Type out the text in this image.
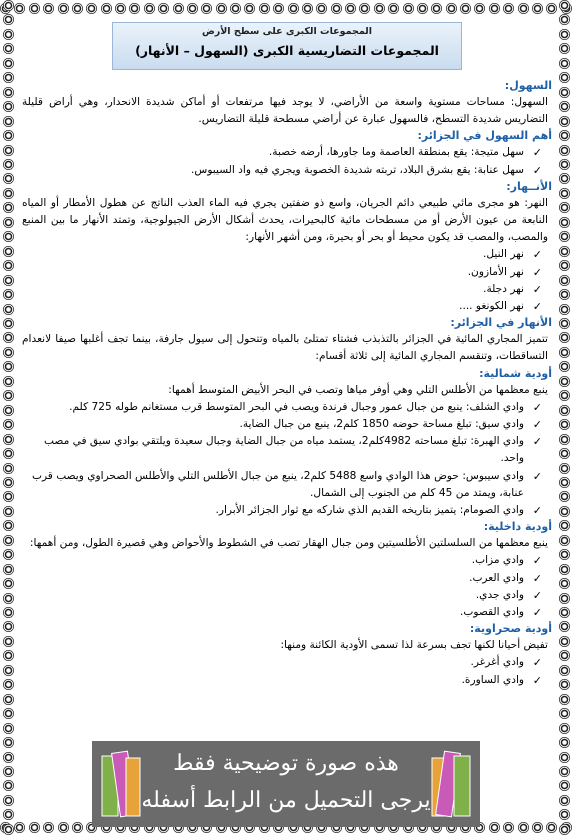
المجموعات الكبرى على سطح الأرض
المجموعات التضاريسية الكبرى (السهول – الأنهار)
السهول:

السهول: مساحات مستوية واسعة من الأراضي، لا يوجد فيها مرتفعات أو أماكن شديدة الانحدار، وهي أراض قليلة التضاريس شديدة التسطح، فالسهول عبارة عن أراضي مسطحة قليلة التضاريس.

أهم السهول في الجزائر:
✓
سهل متيجة: يقع بمنطقة العاصمة وما جاورها، أرضه خصبة.
✓
سهل عنابة: يقع بشرق البلاد، تربته شديدة الخصوبة ويجري فيه واد السيبوس.
الأنــهار:

النهر: هو مجرى مائي طبيعي دائم الجريان، واسع ذو ضفتين يجري فيه الماء العذب الناتج عن هطول الأمطار أو المياه النابعة من عيون الأرض أو من مسطحات مائية كالبحيرات، يحدث أشكال الأرض الجيولوجية، وتمتد الأنهار ما بين المنبع والمصب، والمصب قد يكون محيط أو بحر أو بحيرة، ومن أشهر الأنهار:

✓
نهر النيل.
✓
نهر الأمازون.
✓
نهر دجلة.
✓
نهر الكونغو ....
الأنهار في الجزائر:

تتميز المجاري المائية في الجزائر بالتذبذب فشتاء تمتلئ بالمياه وتتحول إلى سيول جارفة، بينما تجف أغلبها صيفا لانعدام التساقطات، وتنقسم المجاري المائية إلى ثلاثة أقسام:

أودية شمالية:

ينبع معظمها من الأطلس التلي وهي أوفر مياها وتصب في البحر الأبيض المتوسط أهمها:

✓
وادي الشلف: ينبع من جبال عمور وجبال فرندة ويصب في البحر المتوسط قرب مستغانم طوله 725 كلم.
✓
وادي سيق: تبلغ مساحة حوضه 1850 كلم2، ينبع من جبال الضاية.
✓
وادي الهبرة: تبلغ مساحته 4982كلم2، يستمد مياه من جبال الضاية وجبال سعيدة ويلتقي بوادي سيق في مصب واحد.
✓
وادي سيبوس: حوض هذا الوادي واسع 5488 كلم2، ينبع من جبال الأطلس التلي والأطلس الصحراوي ويصب قرب عنابة، ويمتد من 45 كلم من الجنوب إلى الشمال.
✓
وادي الصومام: يتميز بتاريخه القديم الذي شاركه مع ثوار الجزائر الأبرار.
أودية داخلية:

ينبع معظمها من السلسلتين الأطلسيتين ومن جبال الهقار تصب في الشطوط والأحواض وهي قصيرة الطول، ومن أهمها:

✓
وادي مزاب.
✓
وادي العرب.
✓
وادي جدي.
✓
وادي القصوب.
أودية صحراوية:

تفيض أحيانا لكنها تجف بسرعة لذا تسمى الأودية الكائنة ومنها:

✓
وادي أغرغر.
✓
وادي الساورة.
هذه صورة توضيحية فقط
يرجى التحميل من الرابط أسفله
